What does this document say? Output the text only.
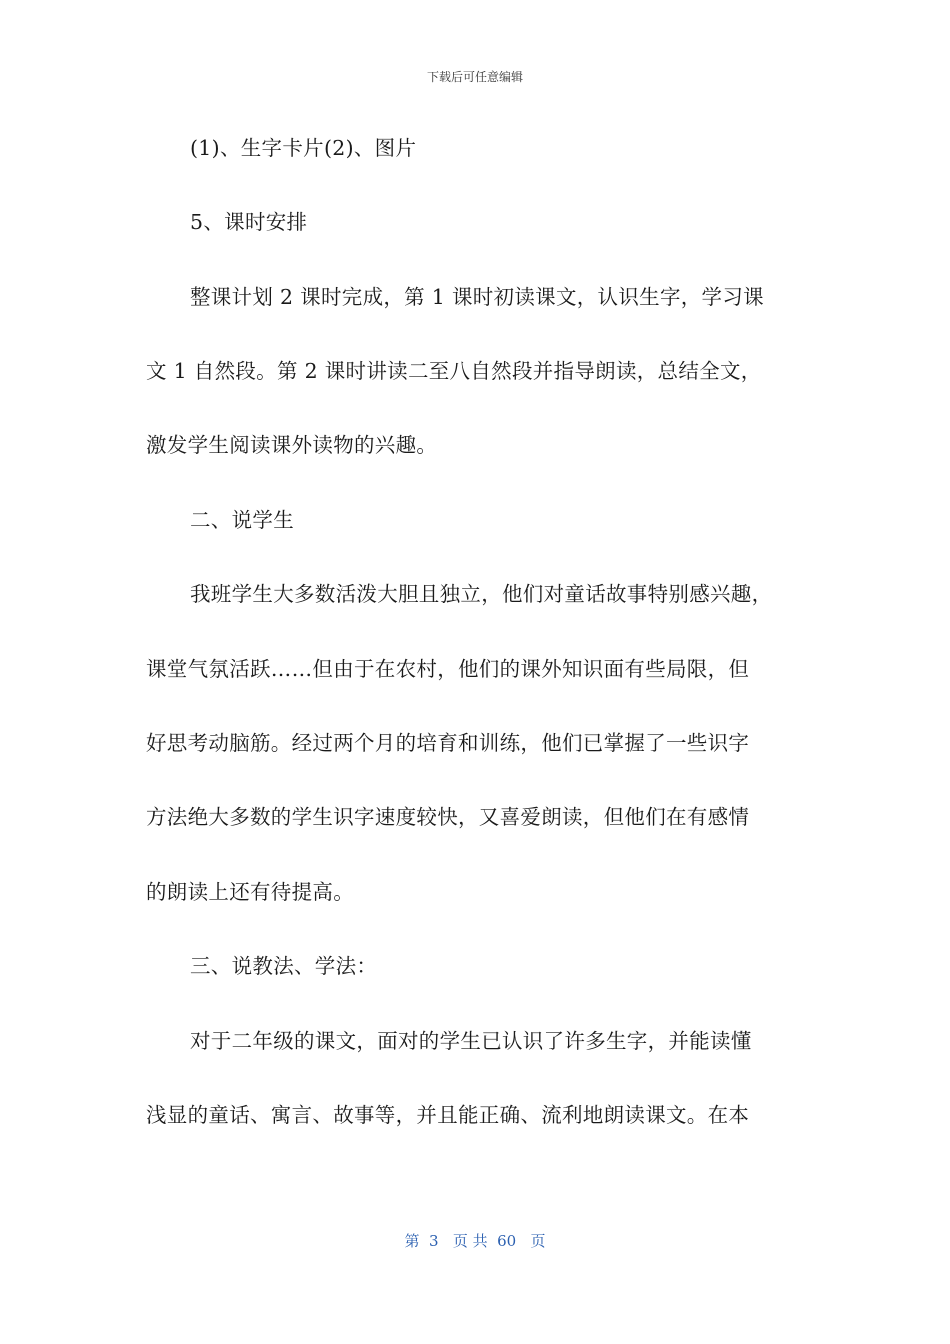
下载后可任意编辑
(1)、生字卡片(2)、图片
5、课时安排
整课计划 2 课时完成，第 1 课时初读课文，认识生字，学习课
文 1 自然段。第 2 课时讲读二至八自然段并指导朗读，总结全文，
激发学生阅读课外读物的兴趣。
二、说学生
我班学生大多数活泼大胆且独立，他们对童话故事特别感兴趣，
课堂气氛活跃……但由于在农村，他们的课外知识面有些局限，但
好思考动脑筋。经过两个月的培育和训练，他们已掌握了一些识字
方法绝大多数的学生识字速度较快，又喜爱朗读，但他们在有感情
的朗读上还有待提高。
三、说教法、学法：
对于二年级的课文，面对的学生已认识了许多生字，并能读懂
浅显的童话、寓言、故事等，并且能正确、流利地朗读课文。在本
第  3   页 共  60   页
